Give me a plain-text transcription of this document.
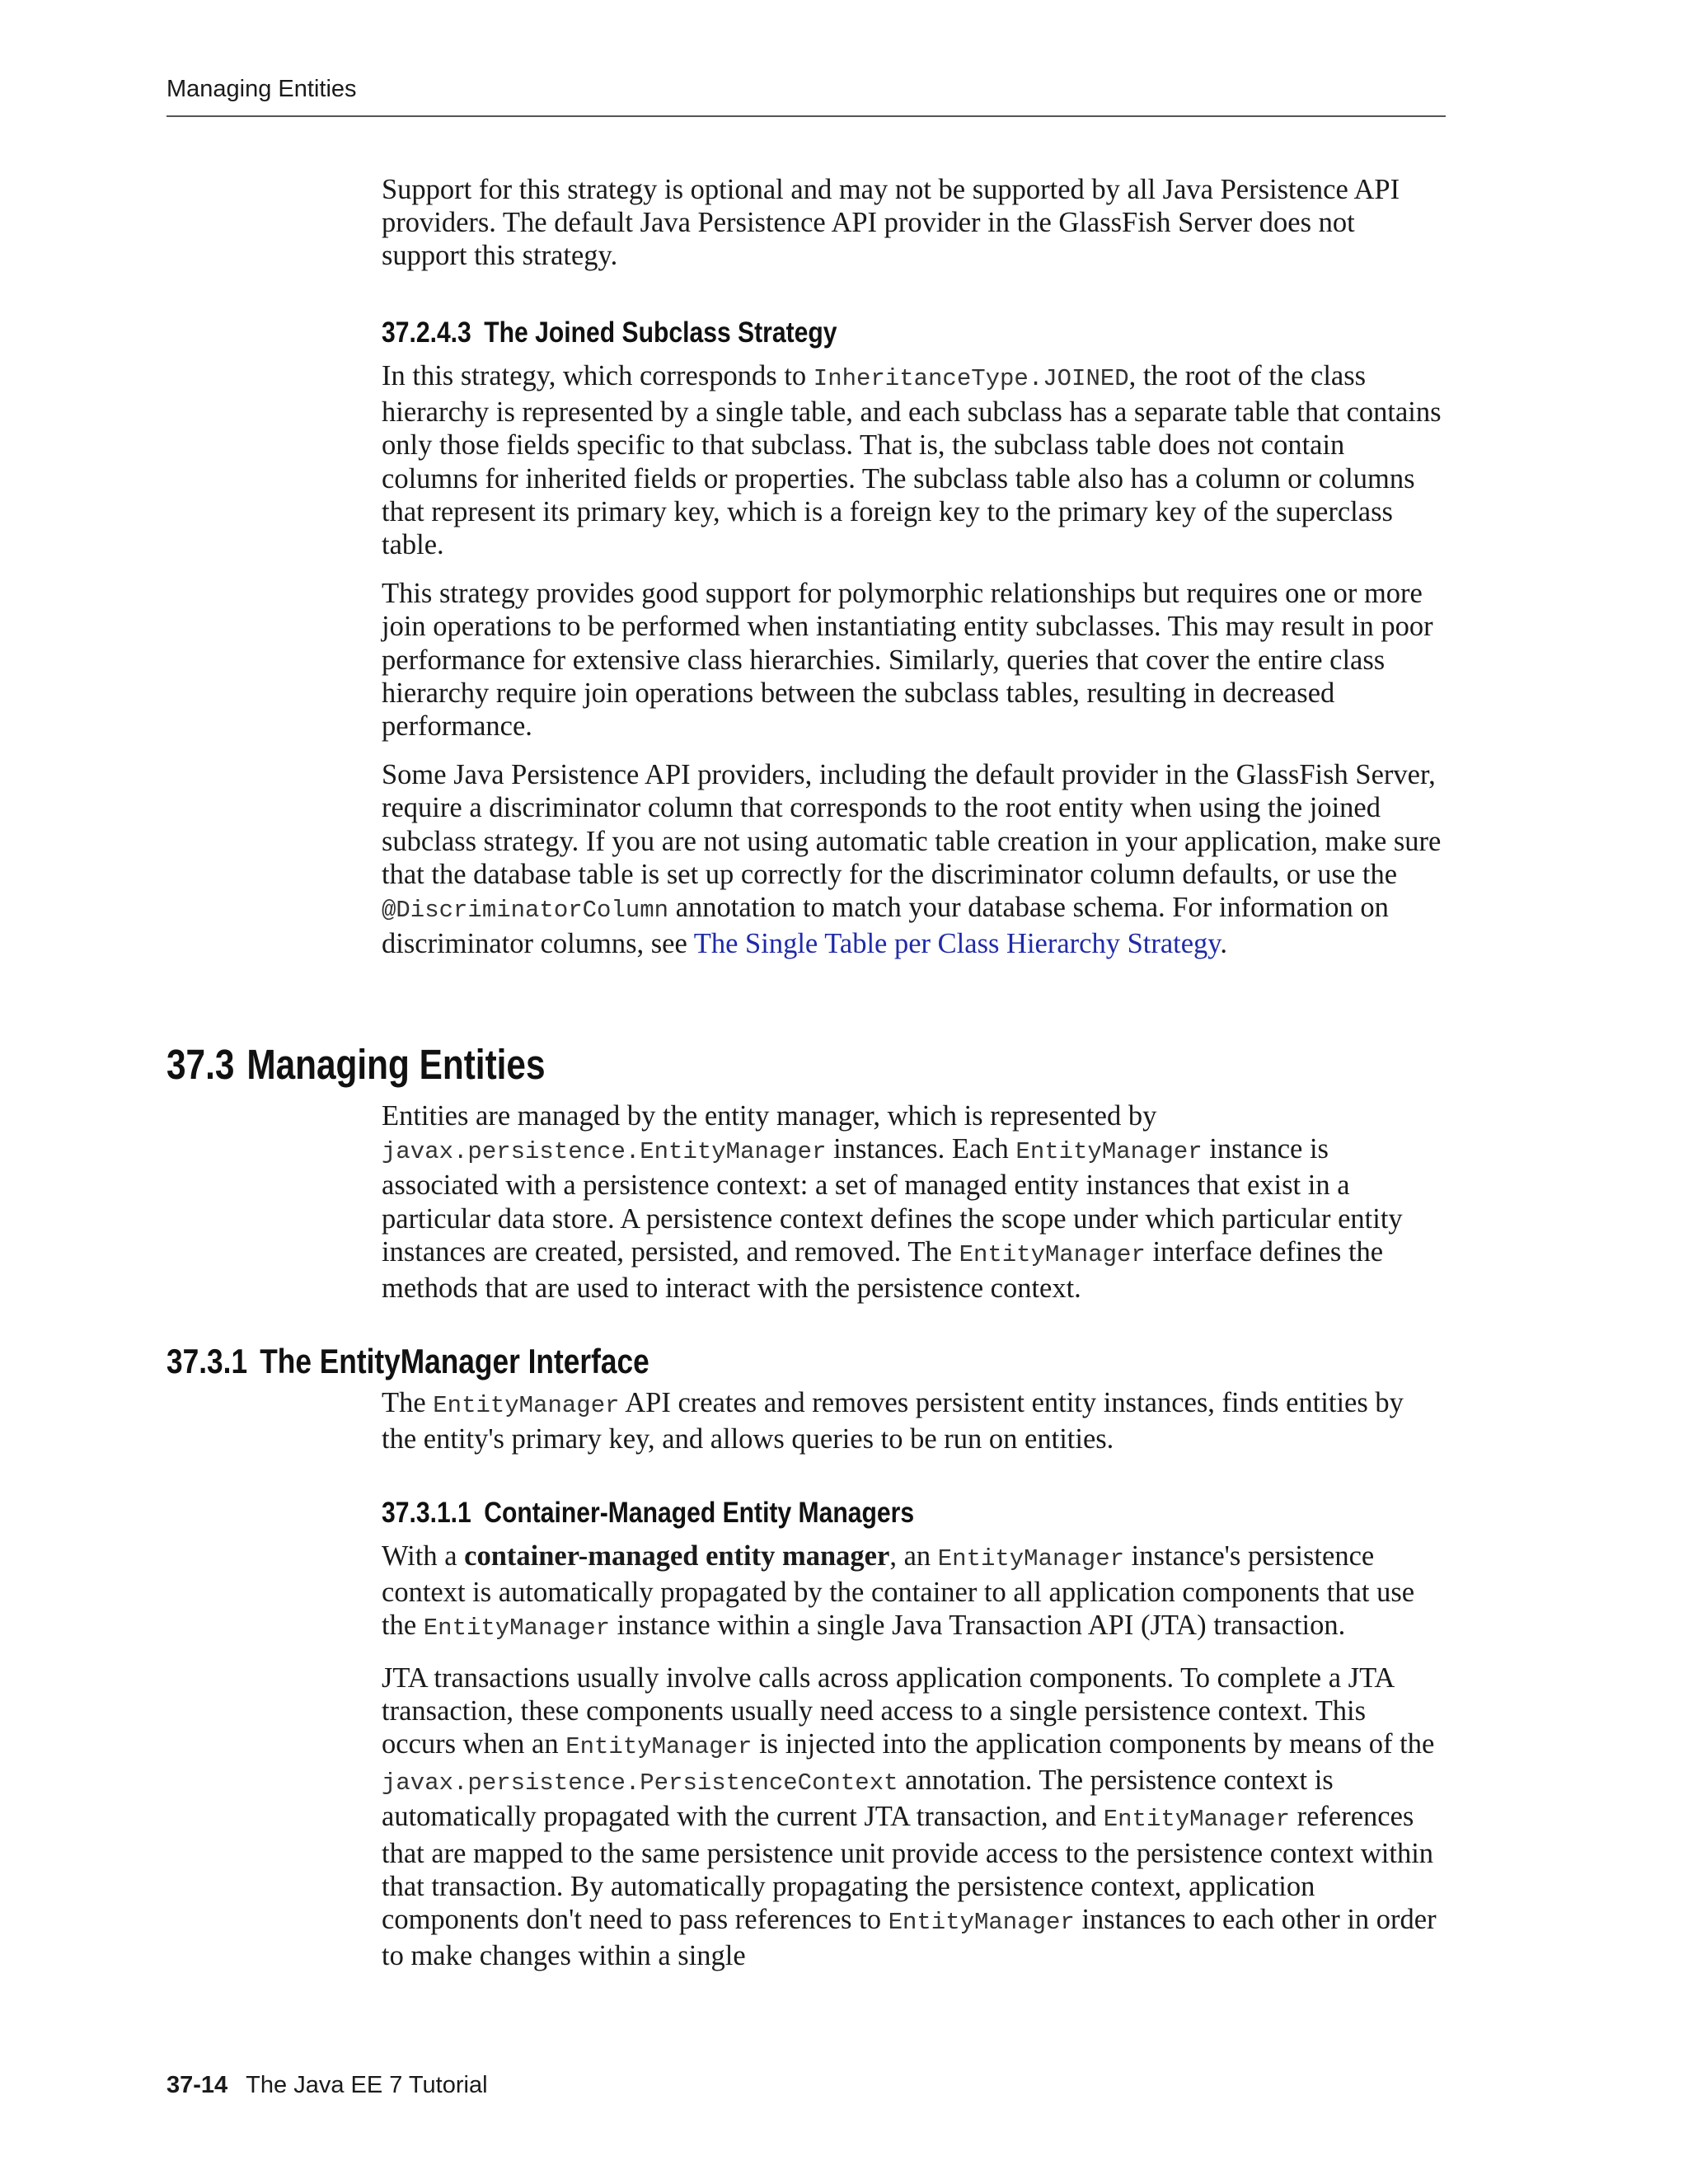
Managing Entities

Support for this strategy is optional and may not be supported by all Java Persistence API providers. The default Java Persistence API provider in the GlassFish Server does not support this strategy.

37.2.4.3 The Joined Subclass Strategy

In this strategy, which corresponds to InheritanceType.JOINED, the root of the class hierarchy is represented by a single table, and each subclass has a separate table that contains only those fields specific to that subclass. That is, the subclass table does not contain columns for inherited fields or properties. The subclass table also has a column or columns that represent its primary key, which is a foreign key to the primary key of the superclass table.

This strategy provides good support for polymorphic relationships but requires one or more join operations to be performed when instantiating entity subclasses. This may result in poor performance for extensive class hierarchies. Similarly, queries that cover the entire class hierarchy require join operations between the subclass tables, resulting in decreased performance.

Some Java Persistence API providers, including the default provider in the GlassFish Server, require a discriminator column that corresponds to the root entity when using the joined subclass strategy. If you are not using automatic table creation in your application, make sure that the database table is set up correctly for the discriminator column defaults, or use the @DiscriminatorColumn annotation to match your database schema. For information on discriminator columns, see The Single Table per Class Hierarchy Strategy.

37.3 Managing Entities

Entities are managed by the entity manager, which is represented by javax.persistence.EntityManager instances. Each EntityManager instance is associated with a persistence context: a set of managed entity instances that exist in a particular data store. A persistence context defines the scope under which particular entity instances are created, persisted, and removed. The EntityManager interface defines the methods that are used to interact with the persistence context.

37.3.1 The EntityManager Interface

The EntityManager API creates and removes persistent entity instances, finds entities by the entity's primary key, and allows queries to be run on entities.

37.3.1.1 Container-Managed Entity Managers

With a container-managed entity manager, an EntityManager instance's persistence context is automatically propagated by the container to all application components that use the EntityManager instance within a single Java Transaction API (JTA) transaction.

JTA transactions usually involve calls across application components. To complete a JTA transaction, these components usually need access to a single persistence context. This occurs when an EntityManager is injected into the application components by means of the javax.persistence.PersistenceContext annotation. The persistence context is automatically propagated with the current JTA transaction, and EntityManager references that are mapped to the same persistence unit provide access to the persistence context within that transaction. By automatically propagating the persistence context, application components don't need to pass references to EntityManager instances to each other in order to make changes within a single

37-14 The Java EE 7 Tutorial
